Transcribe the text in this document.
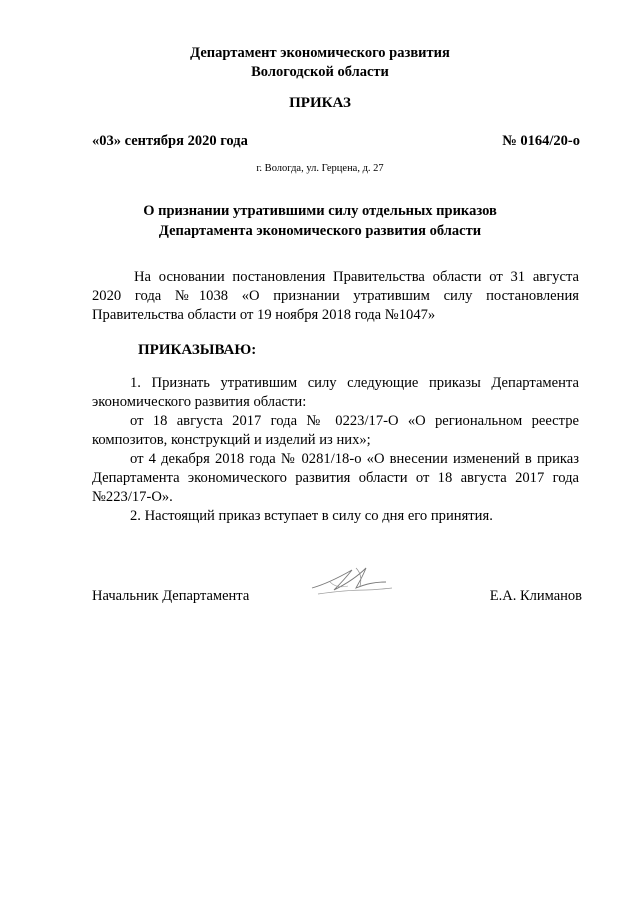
Департамент экономического развития
Вологодской области
ПРИКАЗ
«03» сентября 2020 года	№ 0164/20-о
г. Вологда, ул. Герцена, д. 27
О признании утратившими силу отдельных приказов
Департамента экономического развития области
На основании постановления Правительства области от 31 августа
2020 года №1038 «О признании утратившим силу постановления
Правительства области от 19 ноября 2018 года №1047»
ПРИКАЗЫВАЮ:
1. Признать утратившим силу следующие приказы Департамента
экономического развития области:
от 18 августа 2017 года № 0223/17-О «О региональном реестре
композитов, конструкций и изделий из них»;
от 4 декабря 2018 года № 0281/18-о «О внесении изменений в приказ
Департамента экономического развития области от 18 августа 2017 года
№223/17-О».
2. Настоящий приказ вступает в силу со дня его принятия.
Начальник Департамента	Е.А. Климанов
